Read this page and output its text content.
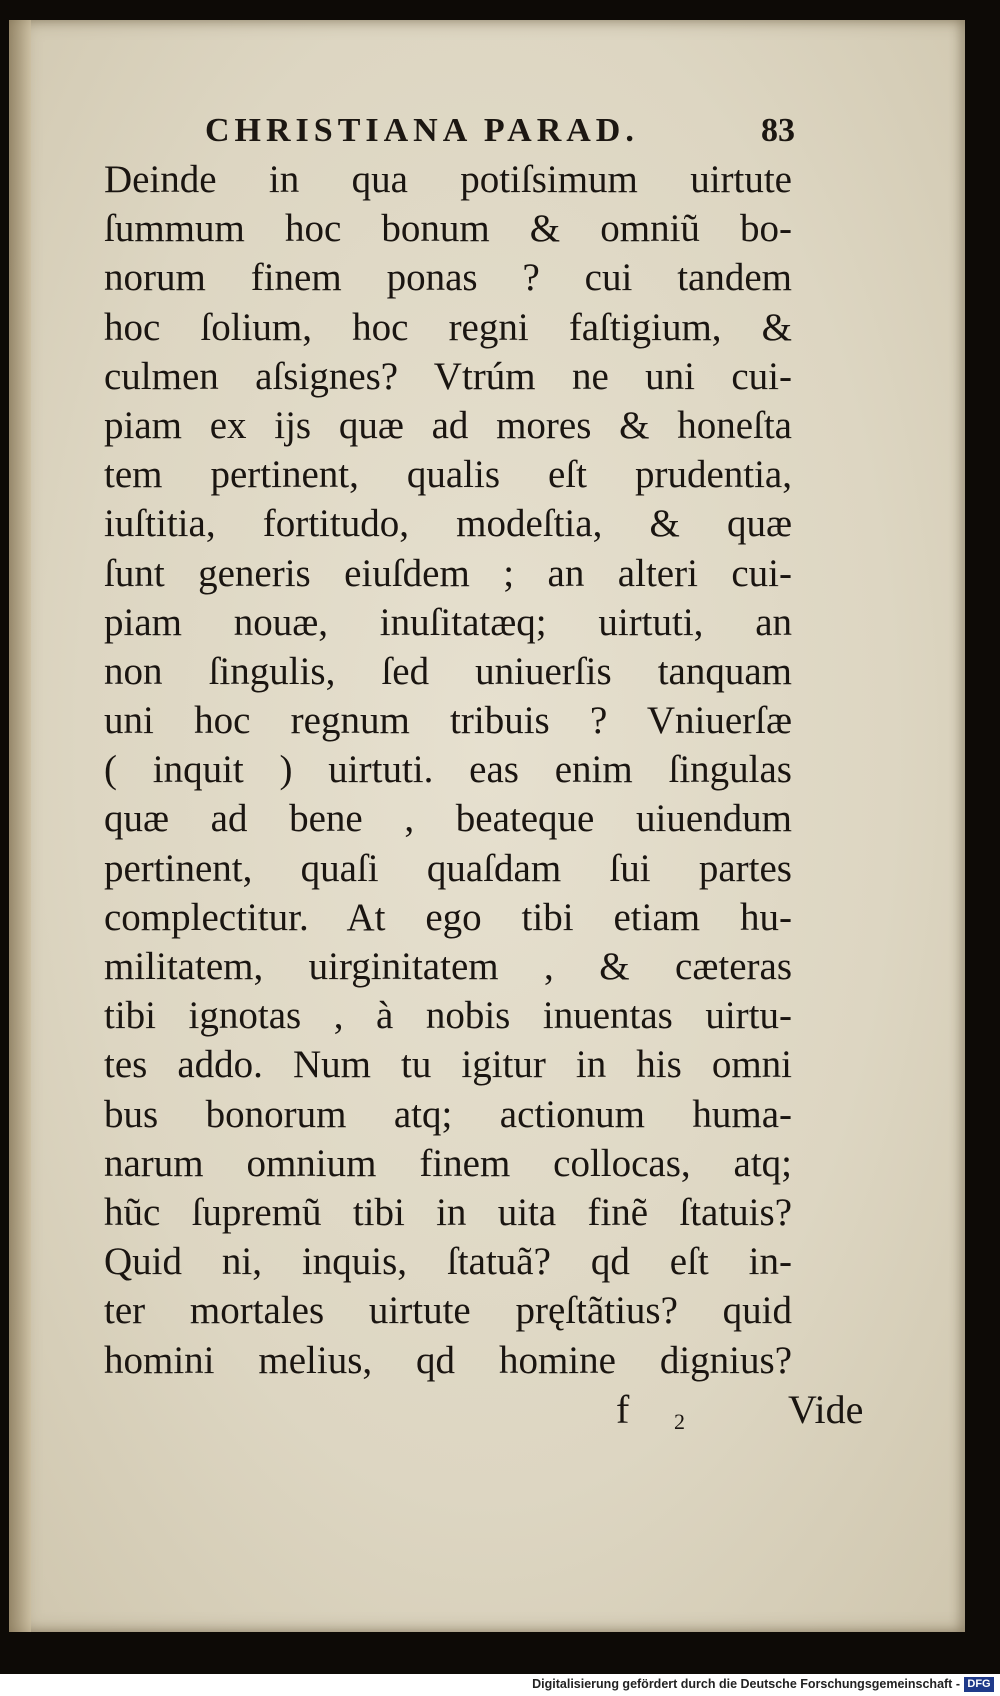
CHRISTIANA PARAD.	83
Deinde in qua potiſsimum uirtute
ſummum hoc bonum & omniũ bo-
norum finem ponas ? cui tandem
hoc ſolium, hoc regni faſtigium, &
culmen aſsignes? Vtrúm ne uni cui-
piam ex ijs quæ ad mores & honeſta
tem pertinent, qualis eſt prudentia,
iuſtitia, fortitudo, modeſtia, & quæ
ſunt generis eiuſdem ; an alteri cui-
piam nouæ, inuſitatæq; uirtuti, an
non ſingulis, ſed uniuerſis tanquam
uni hoc regnum tribuis ? Vniuerſæ
( inquit ) uirtuti. eas enim ſingulas
quæ ad bene , beateque uiuendum
pertinent, quaſi quaſdam ſui partes
complectitur. At ego tibi etiam hu-
militatem, uirginitatem , & cæteras
tibi ignotas , à nobis inuentas uirtu-
tes addo. Num tu igitur in his omni
bus bonorum atq; actionum huma-
narum omnium finem collocas, atq;
hũc ſupremũ tibi in uita finẽ ſtatuis?
Quid ni, inquis, ſtatuã? qd eſt in-
ter mortales uirtute pręſtãtius? quid
homini melius, qd homine dignius?
f 2	Vide
Digitalisierung gefördert durch die Deutsche Forschungsgemeinschaft - DFG
